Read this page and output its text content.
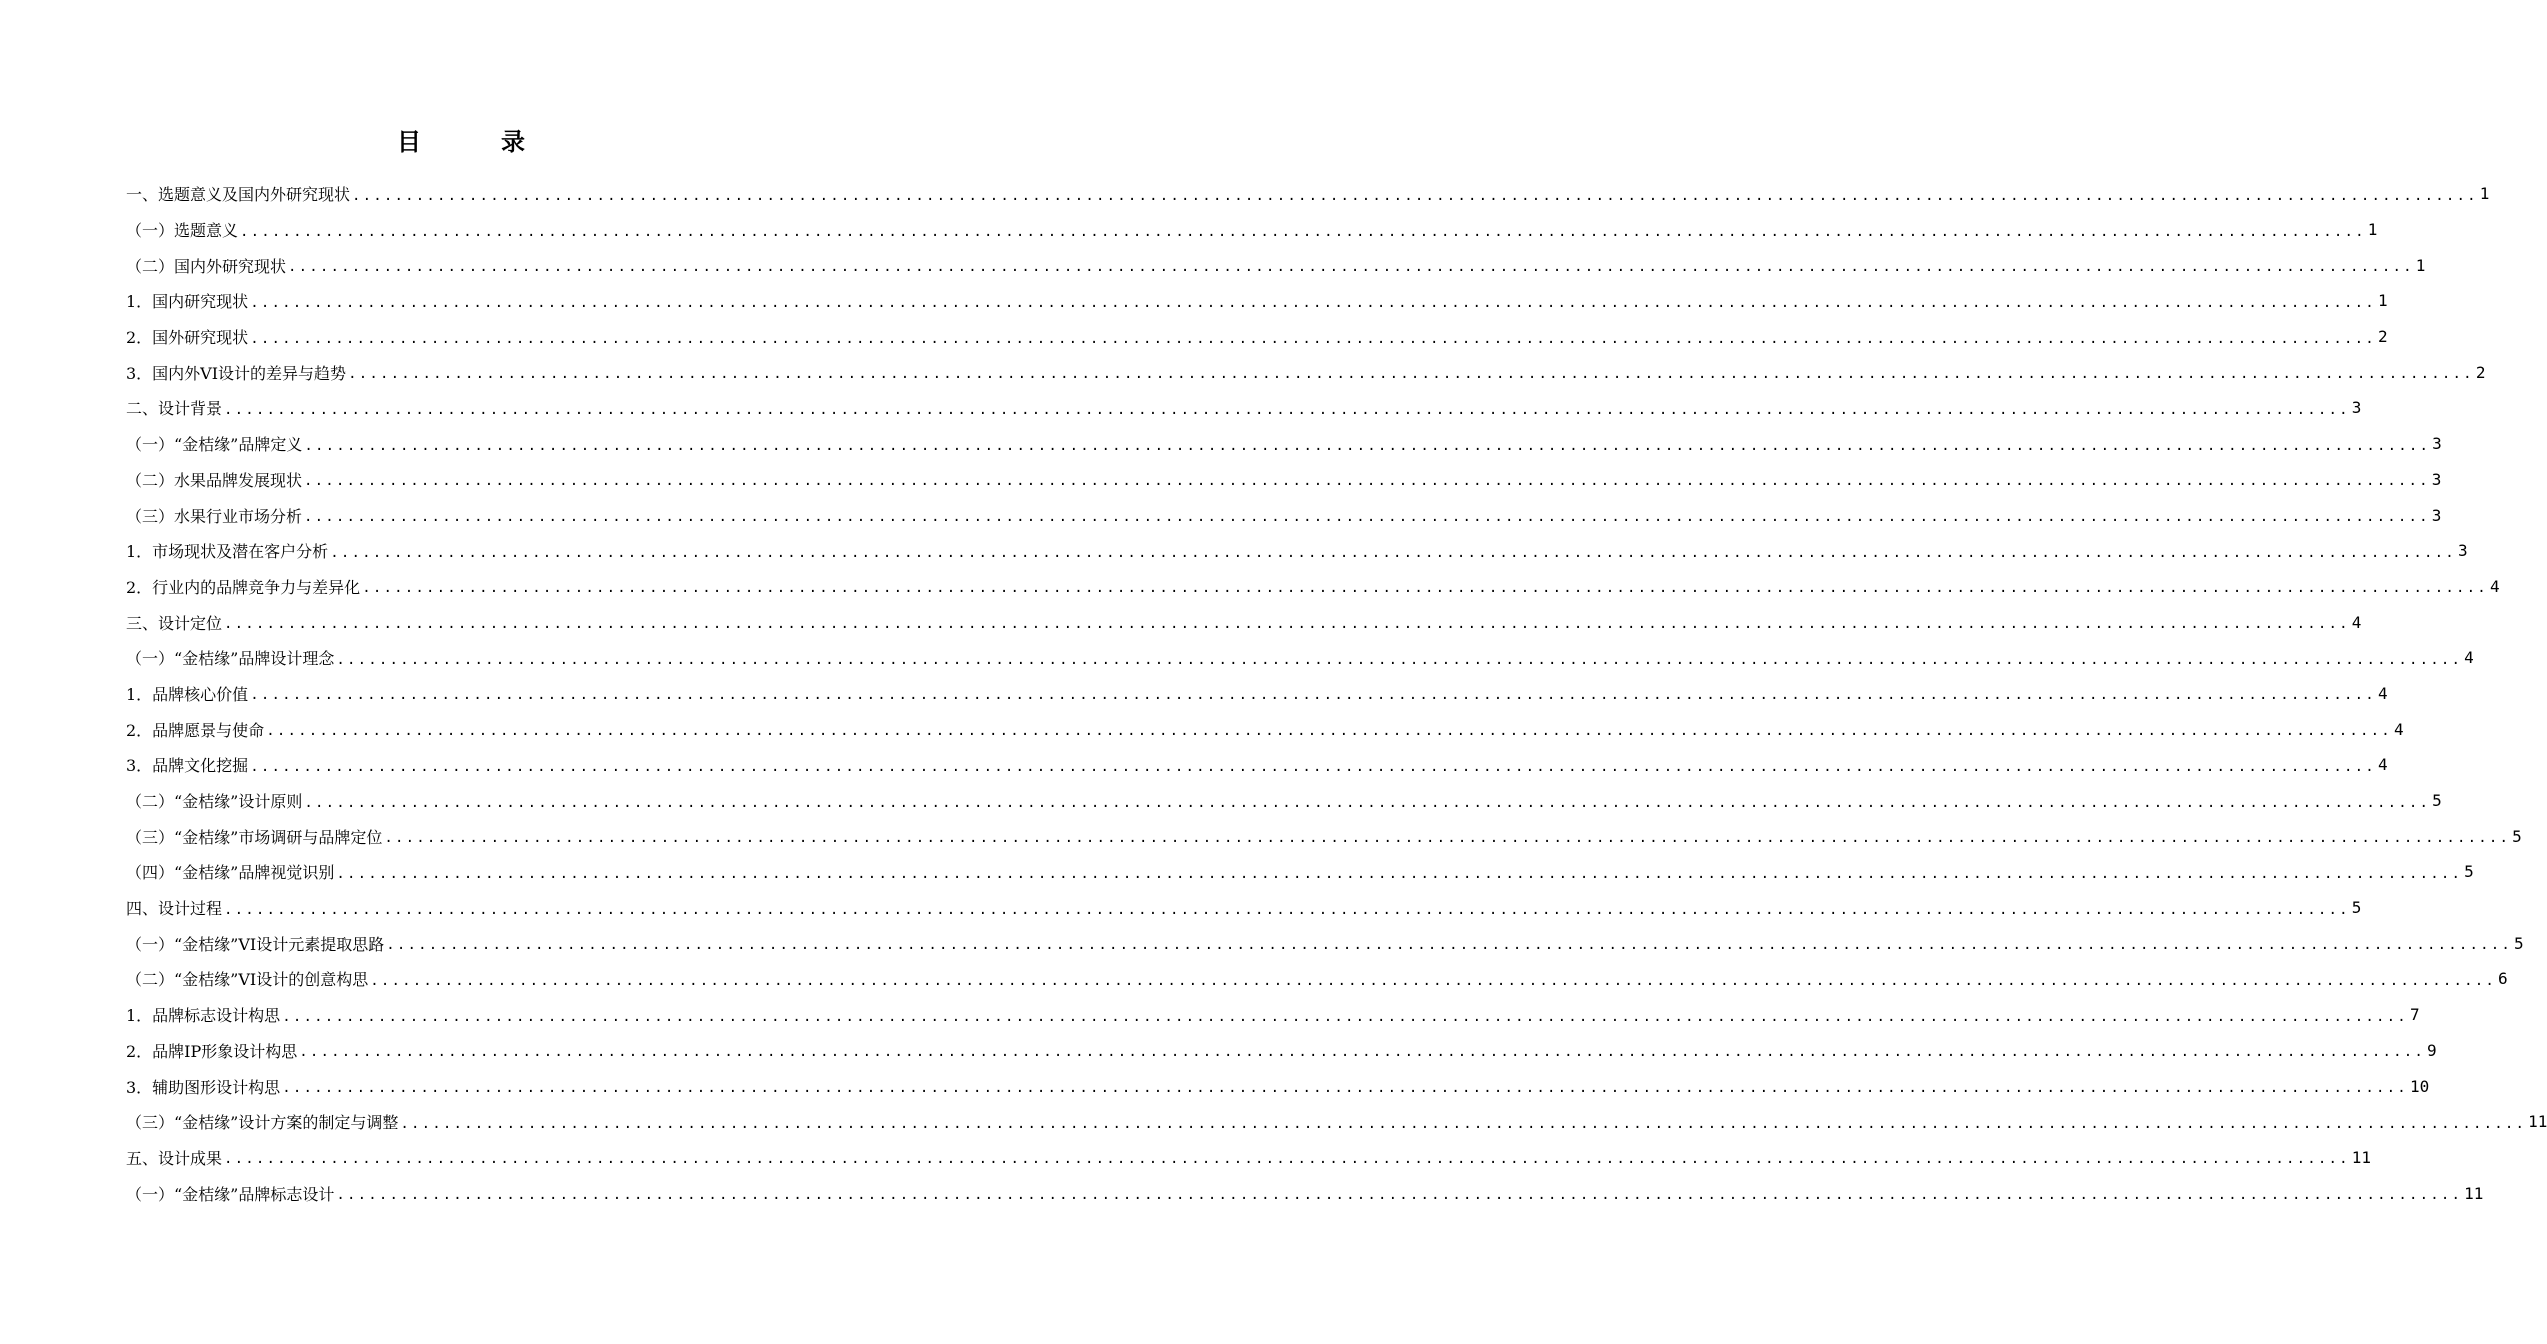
目　录
一、选题意义及国内外研究现状 ........................................................................................................................................................................................................ 1
（一）选题意义 ........................................................................................................................................................................................................ 1
（二）国内外研究现状 ........................................................................................................................................................................................................ 1
1．国内研究现状 ........................................................................................................................................................................................................ 1
2．国外研究现状 ........................................................................................................................................................................................................ 2
3．国内外VI设计的差异与趋势 ........................................................................................................................................................................................................ 2
二、设计背景 ........................................................................................................................................................................................................ 3
（一）“金桔缘”品牌定义 ........................................................................................................................................................................................................ 3
（二）水果品牌发展现状 ........................................................................................................................................................................................................ 3
（三）水果行业市场分析 ........................................................................................................................................................................................................ 3
1．市场现状及潜在客户分析 ........................................................................................................................................................................................................ 3
2．行业内的品牌竞争力与差异化 ........................................................................................................................................................................................................ 4
三、设计定位 ........................................................................................................................................................................................................ 4
（一）“金桔缘”品牌设计理念 ........................................................................................................................................................................................................ 4
1．品牌核心价值 ........................................................................................................................................................................................................ 4
2．品牌愿景与使命 ........................................................................................................................................................................................................ 4
3．品牌文化挖掘 ........................................................................................................................................................................................................ 4
（二）“金桔缘”设计原则 ........................................................................................................................................................................................................ 5
（三）“金桔缘”市场调研与品牌定位 ........................................................................................................................................................................................................ 5
（四）“金桔缘”品牌视觉识别 ........................................................................................................................................................................................................ 5
四、设计过程 ........................................................................................................................................................................................................ 5
（一）“金桔缘”VI设计元素提取思路 ........................................................................................................................................................................................................ 5
（二）“金桔缘”VI设计的创意构思 ........................................................................................................................................................................................................ 6
1．品牌标志设计构思 ........................................................................................................................................................................................................ 7
2．品牌IP形象设计构思 ........................................................................................................................................................................................................ 9
3．辅助图形设计构思 ........................................................................................................................................................................................................ 10
（三）“金桔缘”设计方案的制定与调整 ........................................................................................................................................................................................................ 11
五、设计成果 ........................................................................................................................................................................................................ 11
（一）“金桔缘”品牌标志设计 ........................................................................................................................................................................................................ 11
